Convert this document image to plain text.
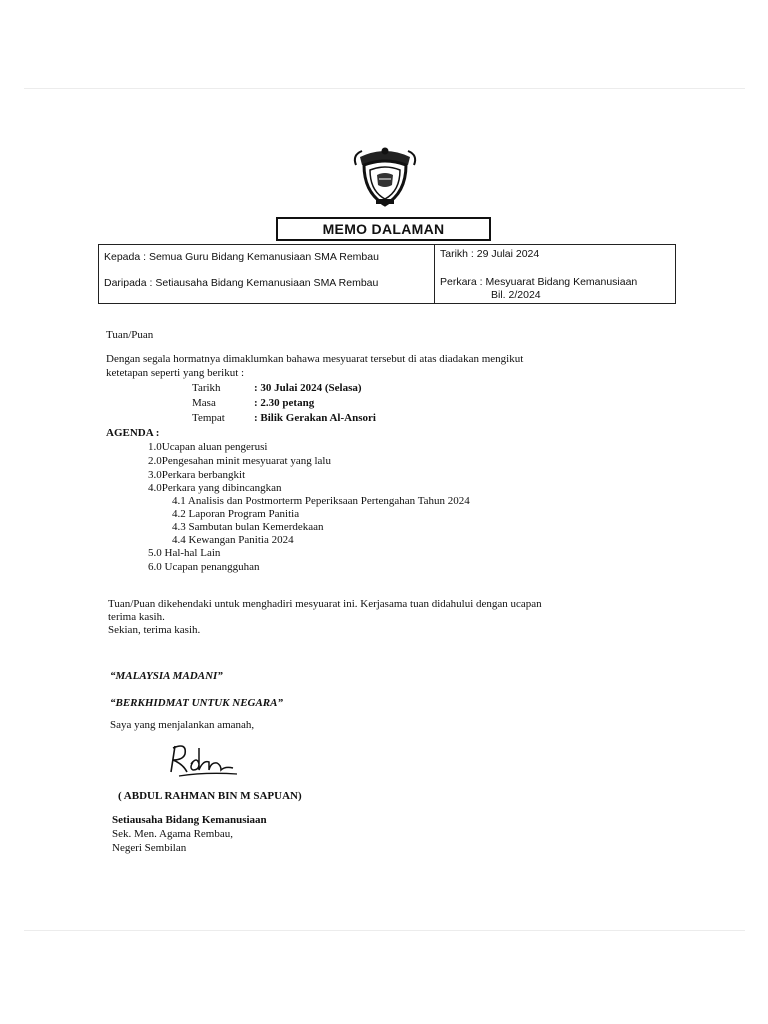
MEMO DALAMAN
Kepada : Semua Guru Bidang Kemanusiaan SMA Rembau
Daripada : Setiausaha Bidang Kemanusiaan SMA Rembau
Tarikh : 29 Julai 2024
Perkara : Mesyuarat Bidang Kemanusiaan
Bil. 2/2024
Tuan/Puan
Dengan segala hormatnya dimaklumkan bahawa mesyuarat tersebut di atas diadakan mengikut
ketetapan seperti yang berikut :
Tarikh	: 30 Julai 2024 (Selasa)
Masa	: 2.30 petang
Tempat	: Bilik Gerakan Al-Ansori
AGENDA :
1.0Ucapan aluan pengerusi
2.0Pengesahan minit mesyuarat yang lalu
3.0Perkara berbangkit
4.0Perkara yang dibincangkan
4.1 Analisis dan Postmorterm Peperiksaan Pertengahan Tahun 2024
4.2 Laporan Program Panitia
4.3 Sambutan bulan Kemerdekaan
4.4 Kewangan Panitia 2024
5.0 Hal-hal Lain
6.0 Ucapan penangguhan
Tuan/Puan dikehendaki untuk menghadiri mesyuarat ini. Kerjasama tuan didahului dengan ucapan
terima kasih.
Sekian, terima kasih.
“MALAYSIA MADANI”
“BERKHIDMAT UNTUK NEGARA”
Saya yang menjalankan amanah,
( ABDUL RAHMAN BIN M SAPUAN)
Setiausaha Bidang Kemanusiaan
Sek. Men. Agama Rembau,
Negeri Sembilan
